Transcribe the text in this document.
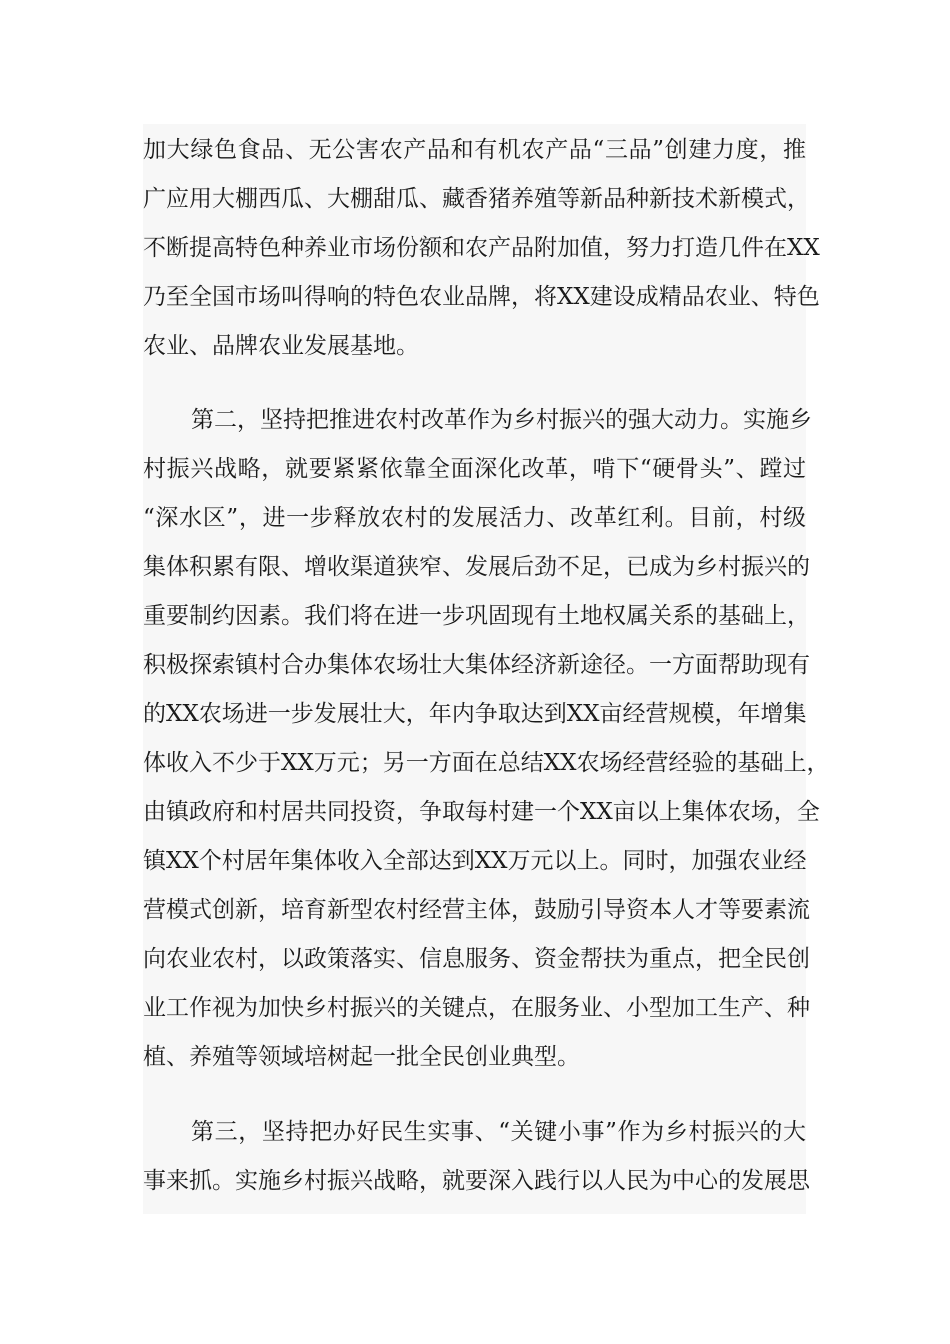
加大绿色食品、无公害农产品和有机农产品“三品”创建力度，推
广应用大棚西瓜、大棚甜瓜、藏香猪养殖等新品种新技术新模式，
不断提高特色种养业市场份额和农产品附加值，努力打造几件在XX
乃至全国市场叫得响的特色农业品牌，将XX建设成精品农业、特色
农业、品牌农业发展基地。
第二，坚持把推进农村改革作为乡村振兴的强大动力。实施乡
村振兴战略，就要紧紧依靠全面深化改革，啃下“硬骨头”、蹚过
“深水区”，进一步释放农村的发展活力、改革红利。目前，村级
集体积累有限、增收渠道狭窄、发展后劲不足，已成为乡村振兴的
重要制约因素。我们将在进一步巩固现有土地权属关系的基础上，
积极探索镇村合办集体农场壮大集体经济新途径。一方面帮助现有
的XX农场进一步发展壮大，年内争取达到XX亩经营规模，年增集
体收入不少于XX万元；另一方面在总结XX农场经营经验的基础上，
由镇政府和村居共同投资，争取每村建一个XX亩以上集体农场，全
镇XX个村居年集体收入全部达到XX万元以上。同时，加强农业经
营模式创新，培育新型农村经营主体，鼓励引导资本人才等要素流
向农业农村，以政策落实、信息服务、资金帮扶为重点，把全民创
业工作视为加快乡村振兴的关键点，在服务业、小型加工生产、种
植、养殖等领域培树起一批全民创业典型。
第三，坚持把办好民生实事、“关键小事”作为乡村振兴的大
事来抓。实施乡村振兴战略，就要深入践行以人民为中心的发展思
